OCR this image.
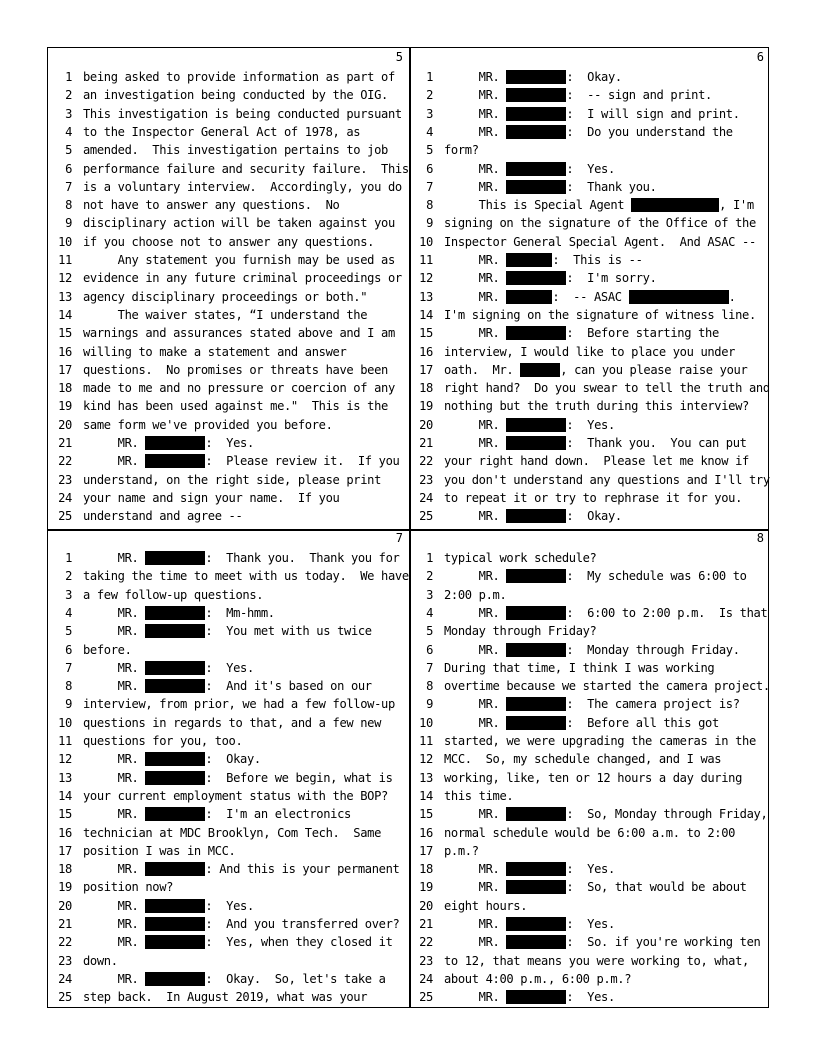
5
1 being asked to provide information as part of
2 an investigation being conducted by the OIG.
3 This investigation is being conducted pursuant
4 to the Inspector General Act of 1978, as
5 amended.  This investigation pertains to job
6 performance failure and security failure.  This
7 is a voluntary interview.  Accordingly, you do
8 not have to answer any questions.  No
9 disciplinary action will be taken against you
10 if you choose not to answer any questions.
11 Any statement you furnish may be used as
12 evidence in any future criminal proceedings or
13 agency disciplinary proceedings or both."
14 The waiver states, “I understand the
15 warnings and assurances stated above and I am
16 willing to make a statement and answer
17 questions.  No promises or threats have been
18 made to me and no pressure or coercion of any
19 kind has been used against me."  This is the
20 same form we've provided you before.
21 MR.	:  Yes.
22 MR.	:  Please review it.  If you
23 understand, on the right side, please print
24 your name and sign your name.  If you
25 understand and agree --
6
1 MR.	:  Okay.
2 MR.	:  -- sign and print.
3 MR.	:  I will sign and print.
4 MR.	:  Do you understand the
5 form?
6 MR.	:  Yes.
7 MR.	:  Thank you.
8 This is Special Agent	, I'm
9 signing on the signature of the Office of the
10 Inspector General Special Agent.  And ASAC --
11 MR.	:  This is --
12 MR.	:  I'm sorry.
13 MR.	:  -- ASAC	.
14 I'm signing on the signature of witness line.
15 MR.	:  Before starting the
16 interview, I would like to place you under
17 oath.  Mr.	, can you please raise your
18 right hand?  Do you swear to tell the truth and
19 nothing but the truth during this interview?
20 MR.	:  Yes.
21 MR.	:  Thank you.  You can put
22 your right hand down.  Please let me know if
23 you don't understand any questions and I'll try
24 to repeat it or try to rephrase it for you.
25 MR.	:  Okay.
7
1 MR.	:  Thank you.  Thank you for
2 taking the time to meet with us today.  We have
3 a few follow-up questions.
4 MR.	:  Mm-hmm.
5 MR.	:  You met with us twice
6 before.
7 MR.	:  Yes.
8 MR.	:  And it's based on our
9 interview, from prior, we had a few follow-up
10 questions in regards to that, and a few new
11 questions for you, too.
12 MR.	:  Okay.
13 MR.	:  Before we begin, what is
14 your current employment status with the BOP?
15 MR.	:  I'm an electronics
16 technician at MDC Brooklyn, Com Tech.  Same
17 position I was in MCC.
18 MR.	: And this is your permanent
19 position now?
20 MR.	:  Yes.
21 MR.	:  And you transferred over?
22 MR.	:  Yes, when they closed it
23 down.
24 MR.	:  Okay.  So, let's take a
25 step back.  In August 2019, what was your
8
1 typical work schedule?
2 MR.	:  My schedule was 6:00 to
3 2:00 p.m.
4 MR.	:  6:00 to 2:00 p.m.  Is that
5 Monday through Friday?
6 MR.	:  Monday through Friday.
7 During that time, I think I was working
8 overtime because we started the camera project.
9 MR.	:  The camera project is?
10 MR.	:  Before all this got
11 started, we were upgrading the cameras in the
12 MCC.  So, my schedule changed, and I was
13 working, like, ten or 12 hours a day during
14 this time.
15 MR.	:  So, Monday through Friday,
16 normal schedule would be 6:00 a.m. to 2:00
17 p.m.?
18 MR.	:  Yes.
19 MR.	:  So, that would be about
20 eight hours.
21 MR.	:  Yes.
22 MR.	:  So. if you're working ten
23 to 12, that means you were working to, what,
24 about 4:00 p.m., 6:00 p.m.?
25 MR.	:  Yes.
